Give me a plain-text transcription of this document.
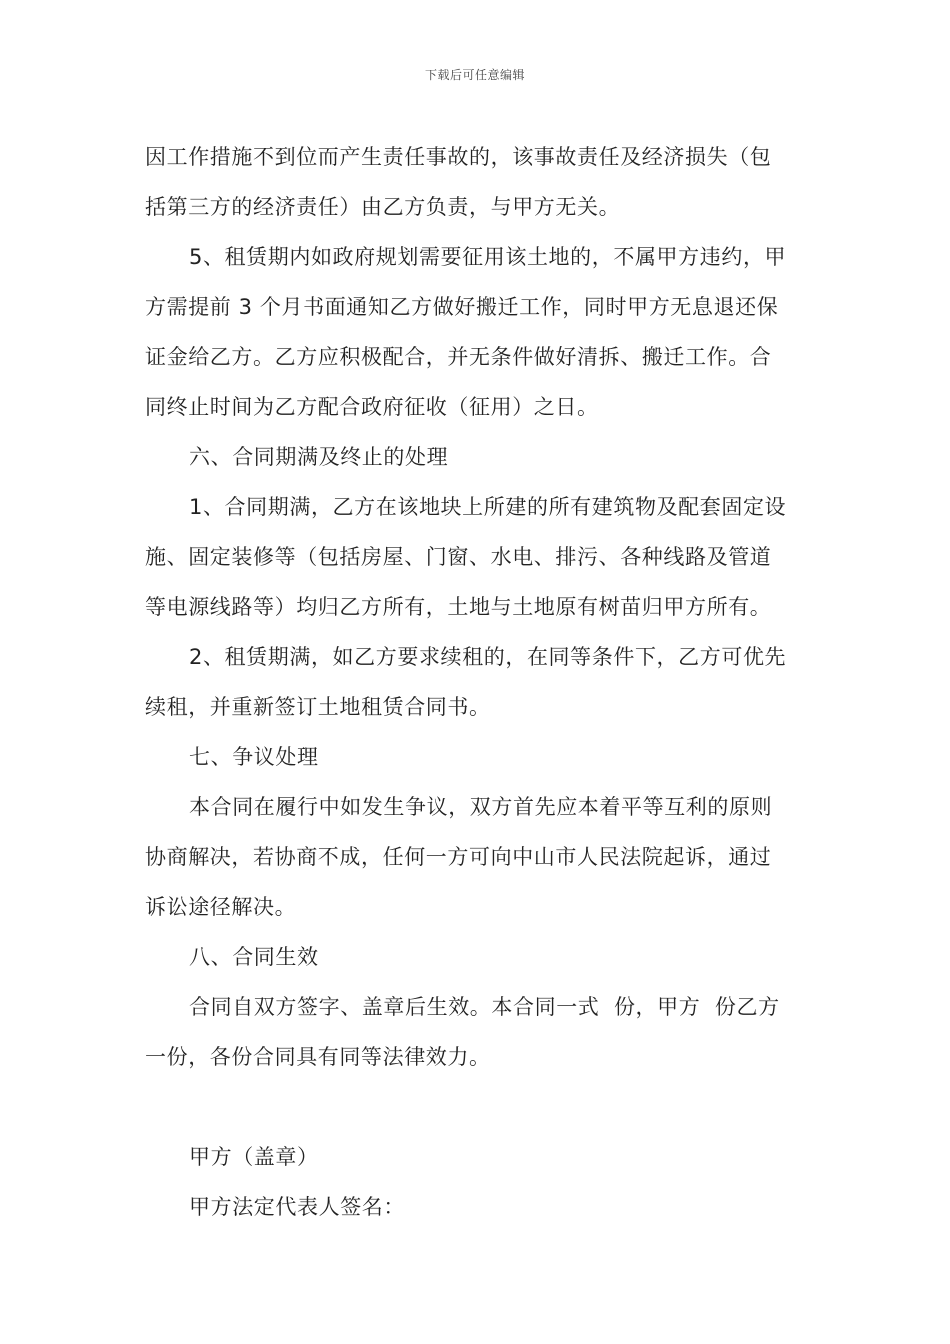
下载后可任意编辑
因工作措施不到位而产生责任事故的，该事故责任及经济损失（包
括第三方的经济责任）由乙方负责，与甲方无关。
5、租赁期内如政府规划需要征用该土地的，不属甲方违约，甲
方需提前 3 个月书面通知乙方做好搬迁工作，同时甲方无息退还保
证金给乙方。乙方应积极配合，并无条件做好清拆、搬迁工作。合
同终止时间为乙方配合政府征收（征用）之日。
六、合同期满及终止的处理
1、合同期满，乙方在该地块上所建的所有建筑物及配套固定设
施、固定装修等（包括房屋、门窗、水电、排污、各种线路及管道
等电源线路等）均归乙方所有，土地与土地原有树苗归甲方所有。
2、租赁期满，如乙方要求续租的，在同等条件下，乙方可优先
续租，并重新签订土地租赁合同书。
七、争议处理
本合同在履行中如发生争议，双方首先应本着平等互利的原则
协商解决，若协商不成，任何一方可向中山市人民法院起诉，通过
诉讼途径解决。
八、合同生效
合同自双方签字、盖章后生效。本合同一式  份，甲方  份乙方
一份，各份合同具有同等法律效力。
甲方（盖章）
甲方法定代表人签名：
